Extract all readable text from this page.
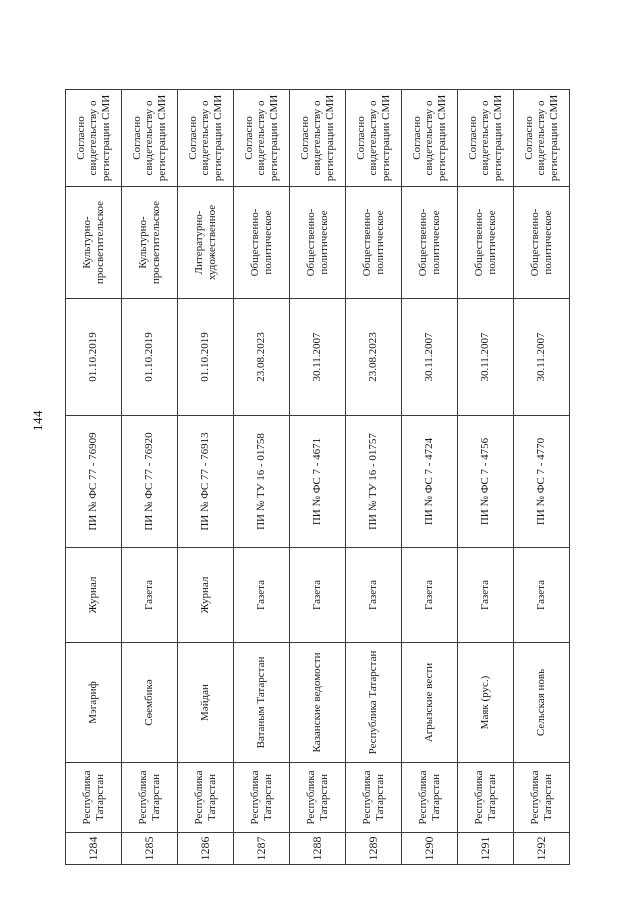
144
1284	Республика Татарстан	Мэгариф	Журнал	ПИ № ФС 77 - 76909	01.10.2019	Культурно-просветительское	Согласно свидетельству о регистрации СМИ
1285	Республика Татарстан	Сөембикә	Газета	ПИ № ФС 77 - 76920	01.10.2019	Культурно-просветительское	Согласно свидетельству о регистрации СМИ
1286	Республика Татарстан	Мәйдан	Журнал	ПИ № ФС 77 - 76913	01.10.2019	Литературно-художественное	Согласно свидетельству о регистрации СМИ
1287	Республика Татарстан	Ватаным Татарстан	Газета	ПИ № ТУ 16 - 01758	23.08.2023	Общественно-политическое	Согласно свидетельству о регистрации СМИ
1288	Республика Татарстан	Казанские ведомости	Газета	ПИ № ФС 7 - 4671	30.11.2007	Общественно-политическое	Согласно свидетельству о регистрации СМИ
1289	Республика Татарстан	Республика Татарстан	Газета	ПИ № ТУ 16 - 01757	23.08.2023	Общественно-политическое	Согласно свидетельству о регистрации СМИ
1290	Республика Татарстан	Агрызские вести	Газета	ПИ № ФС 7 - 4724	30.11.2007	Общественно-политическое	Согласно свидетельству о регистрации СМИ
1291	Республика Татарстан	Маяк (рус.)	Газета	ПИ № ФС 7 - 4756	30.11.2007	Общественно-политическое	Согласно свидетельству о регистрации СМИ
1292	Республика Татарстан	Сельская новь	Газета	ПИ № ФС 7 - 4770	30.11.2007	Общественно-политическое	Согласно свидетельству о регистрации СМИ
